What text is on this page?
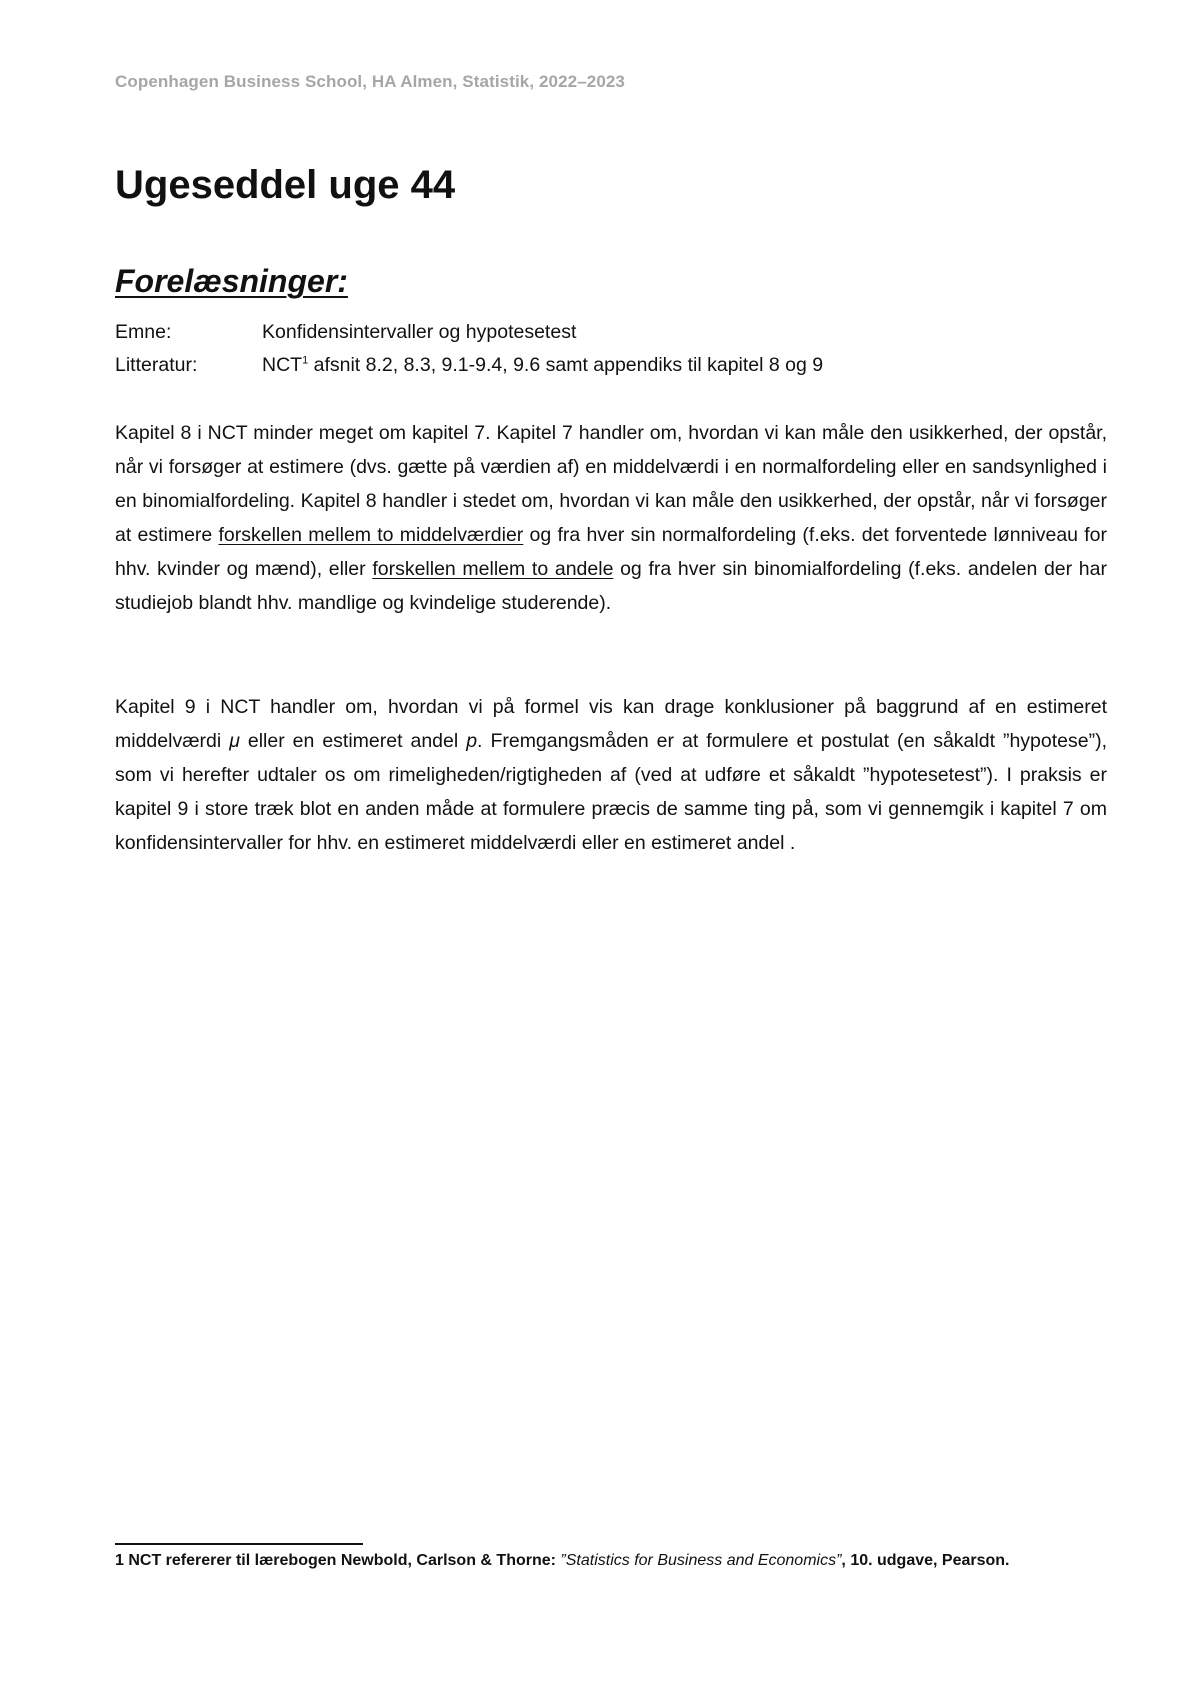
Copenhagen Business School, HA Almen, Statistik, 2022–2023
Ugeseddel uge 44
Forelæsninger:
Emne:	Konfidensintervaller og hypotesetest
Litteratur:	NCT$^1$ afsnit 8.2, 8.3, 9.1-9.4, 9.6 samt appendiks til kapitel 8 og 9

Kapitel 8 i NCT minder meget om kapitel 7. Kapitel 7 handler om, hvordan vi kan måle den usikkerhed, der opstår, når vi forsøger at estimere (dvs. gætte på værdien af) en middelværdi i en normalfordeling eller en sandsynlighed i en binomialfordeling. Kapitel 8 handler i stedet om, hvordan vi kan måle den usikkerhed, der opstår, når vi forsøger at estimere forskellen mellem to middelværdier og fra hver sin normalfordeling (f.eks. det forventede lønniveau for hhv. kvinder og mænd), eller forskellen mellem to andele og fra hver sin binomialfordeling (f.eks. andelen der har studiejob blandt hhv. mandlige og kvindelige studerende).

Kapitel 9 i NCT handler om, hvordan vi på formel vis kan drage konklusioner på baggrund af en estimeret middelværdi μ eller en estimeret andel p. Fremgangsmåden er at formulere et postulat (en såkaldt ”hypotese”), som vi herefter udtaler os om rimeligheden/rigtigheden af (ved at udføre et såkaldt ”hypotesetest”). I praksis er kapitel 9 i store træk blot en anden måde at formulere præcis de samme ting på, som vi gennemgik i kapitel 7 om konfidensintervaller for hhv. en estimeret middelværdi eller en estimeret andel .

1 NCT refererer til lærebogen Newbold, Carlson & Thorne: ”Statistics for Business and Economics”, 10. udgave, Pearson.
